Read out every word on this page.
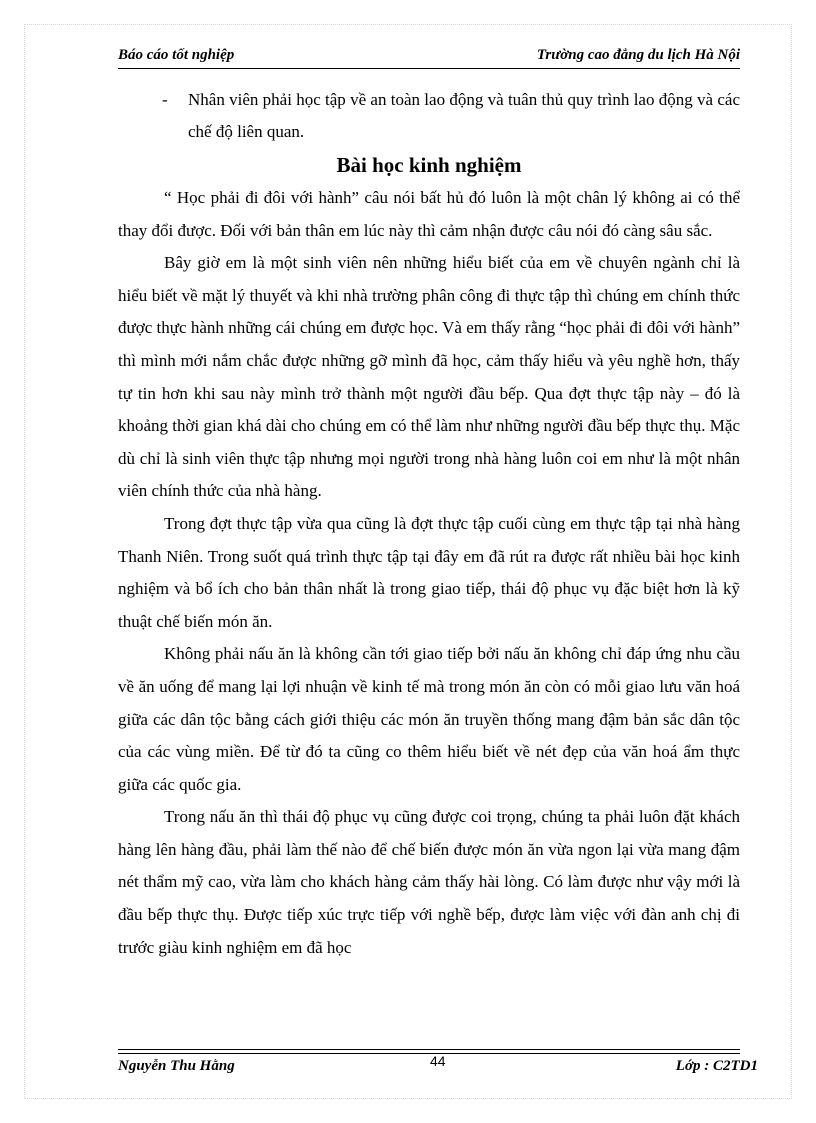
Báo cáo tốt nghiệp	Trường cao đẳng du lịch Hà Nội

- Nhân viên phải học tập về an toàn lao động và tuân thủ quy trình lao động và các chế độ liên quan.

Bài học kinh nghiệm

“ Học phải đi đôi với hành” câu nói bất hủ đó luôn là một chân lý không ai có thể thay đổi được. Đối với bản thân em lúc này thì cảm nhận được câu nói đó càng sâu sắc.

Bây giờ em là một sinh viên nên những hiểu biết của em về chuyên ngành chỉ là hiểu biết về mặt lý thuyết và khi nhà trường phân công đi thực tập thì chúng em chính thức được thực hành những cái chúng em được học. Và em thấy rằng “học phải đi đôi với hành” thì mình mới nắm chắc được những gỡ mình đã học, cảm thấy hiểu và yêu nghề hơn, thấy tự tin hơn khi sau này mình trở thành một người đầu bếp. Qua đợt thực tập này – đó là khoảng thời gian khá dài cho chúng em có thể làm như những người đầu bếp thực thụ. Mặc dù chỉ là sinh viên thực tập nhưng mọi người trong nhà hàng luôn coi em như là một nhân viên chính thức của nhà hàng.

Trong đợt thực tập vừa qua cũng là đợt thực tập cuối cùng em thực tập tại nhà hàng Thanh Niên. Trong suốt quá trình thực tập tại đây em đã rút ra được rất nhiều bài học kinh nghiệm và bổ ích cho bản thân nhất là trong giao tiếp, thái độ phục vụ đặc biệt hơn là kỹ thuật chế biến món ăn.

Không phải nấu ăn là không cần tới giao tiếp bởi nấu ăn không chỉ đáp ứng nhu cầu về ăn uống để mang lại lợi nhuận về kinh tế mà trong món ăn còn có mỗi giao lưu văn hoá giữa các dân tộc bằng cách giới thiệu các món ăn truyền thống mang đậm bản sắc dân tộc của các vùng miền. Để từ đó ta cũng co thêm hiểu biết về nét đẹp của văn hoá ẩm thực giữa các quốc gia.

Trong nấu ăn thì thái độ phục vụ cũng được coi trọng, chúng ta phải luôn đặt khách hàng lên hàng đầu, phải làm thế nào để chế biến được món ăn vừa ngon lại vừa mang đậm nét thẩm mỹ cao, vừa làm cho khách hàng cảm thấy hài lòng. Có làm được như vậy mới là đầu bếp thực thụ. Được tiếp xúc trực tiếp với nghề bếp, được làm việc với đàn anh chị đi trước giàu kinh nghiệm em đã học

Nguyễn Thu Hằng	44	Lớp : C2TD1
